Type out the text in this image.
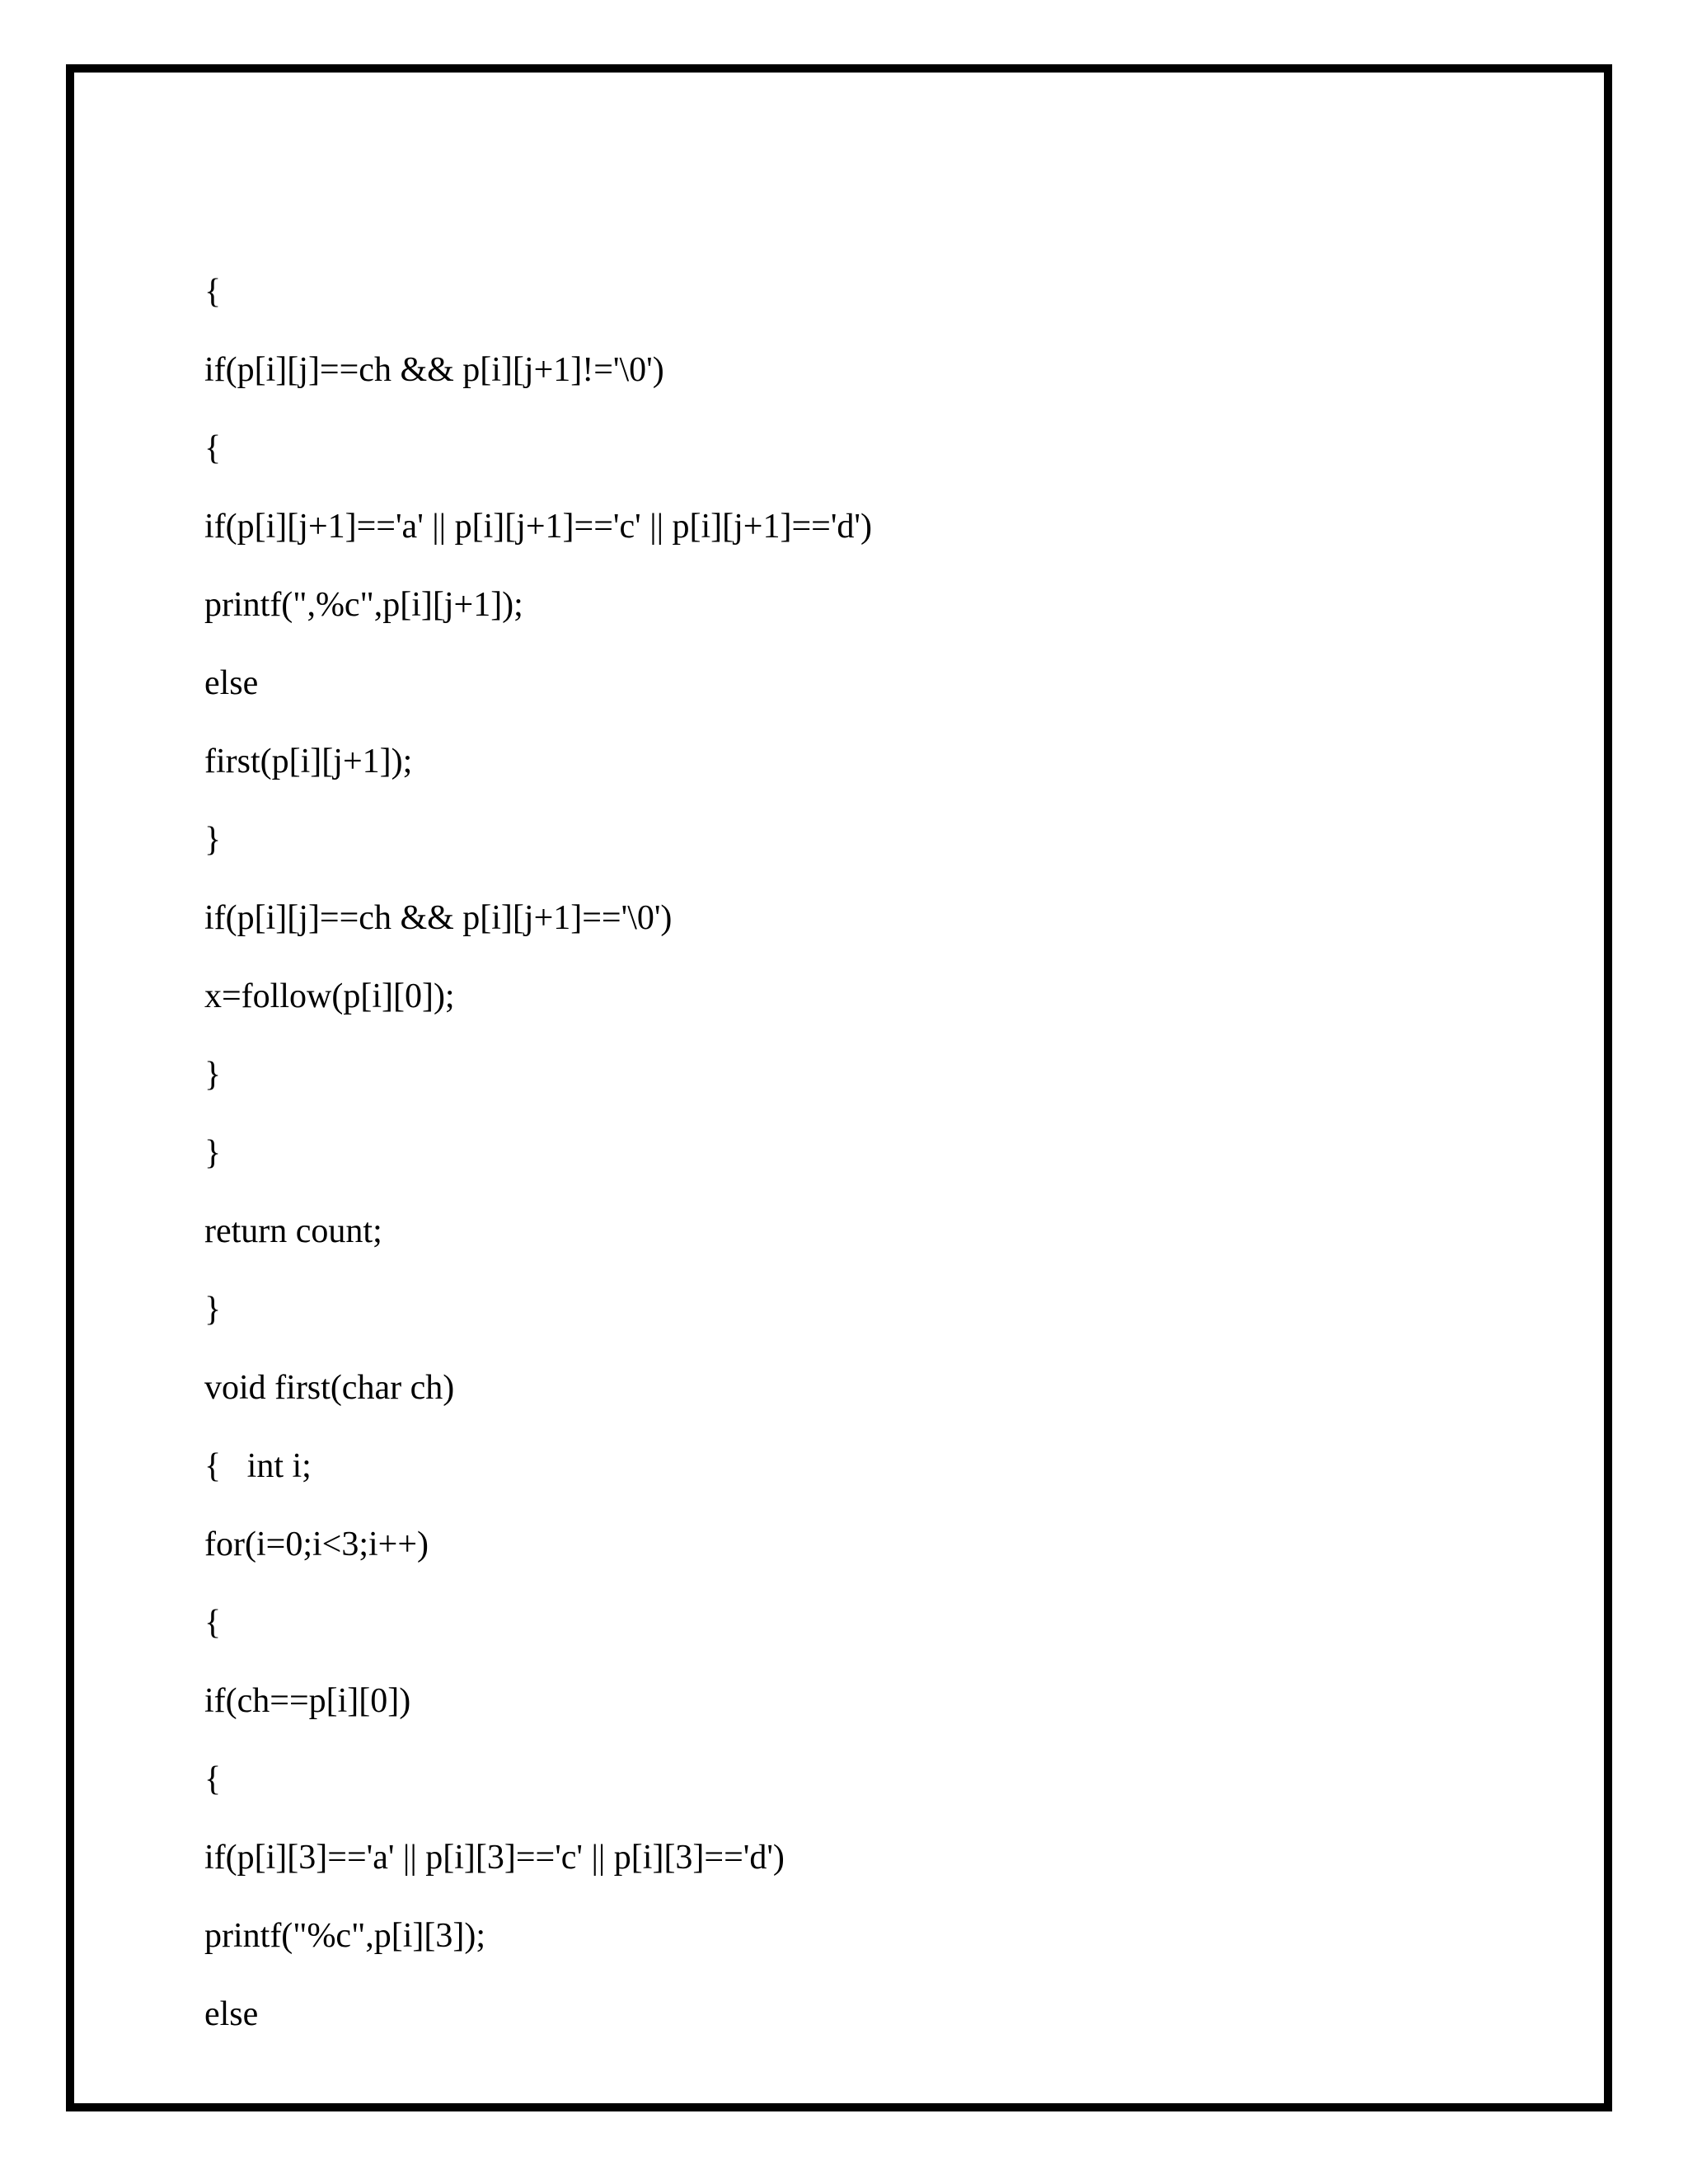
{
if(p[i][j]==ch && p[i][j+1]!='\0')
{
if(p[i][j+1]=='a' || p[i][j+1]=='c' || p[i][j+1]=='d')
printf(",%c",p[i][j+1]);
else
first(p[i][j+1]);
}
if(p[i][j]==ch && p[i][j+1]=='\0')
x=follow(p[i][0]);
}
}
return count;
}
void first(char ch)
{   int i;
for(i=0;i<3;i++)
{
if(ch==p[i][0])
{
if(p[i][3]=='a' || p[i][3]=='c' || p[i][3]=='d')
printf("%c",p[i][3]);
else
